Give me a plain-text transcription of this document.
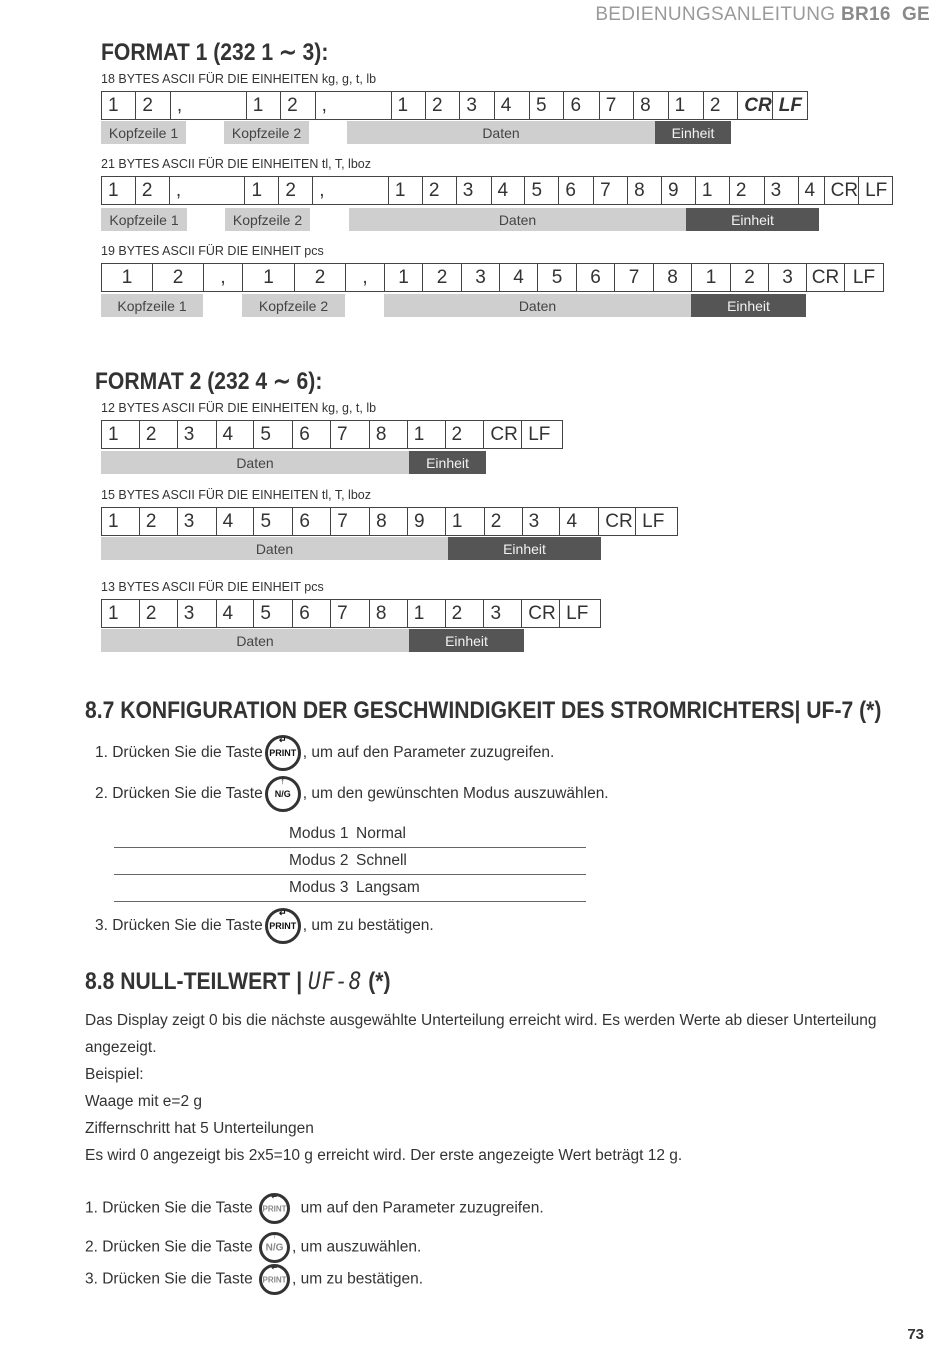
BEDIENUNGSANLEITUNG BR16 GE
FORMAT 1 (232 1 ∼ 3):
18 BYTES ASCII FÜR DIE EINHEITEN kg, g, t, lb
1	2	,	1	2	,	1	2	3	4	5	6	7	8	1	2	CR LF
Kopfzeile 1	Kopfzeile 2	Daten	Einheit
21 BYTES ASCII FÜR DIE EINHEITEN tl, T, lboz
1	2	,	1	2	,	1	2	3	4	5	6	7	8	9	1	2	3	4 CR LF
Kopfzeile 1	Kopfzeile 2	Daten	Einheit
19 BYTES ASCII FÜR DIE EINHEIT pcs
1	2	,	1	2	,	1	2	3	4	5	6	7	8	1	2	3 CR LF
Kopfzeile 1	Kopfzeile 2	Daten	Einheit
FORMAT 2 (232 4 ∼ 6):
12 BYTES ASCII FÜR DIE EINHEITEN kg, g, t, lb
1	2	3	4	5	6	7	8	1	2	CR LF
Daten	Einheit
15 BYTES ASCII FÜR DIE EINHEITEN tl, T, lboz
1	2	3	4	5	6	7	8	9	1	2	3	4	CR LF
Daten	Einheit
13 BYTES ASCII FÜR DIE EINHEIT pcs
1	2	3	4	5	6	7	8	1	2	3	CR LF
Daten	Einheit
8.7 KONFIGURATION DER GESCHWINDIGKEIT DES STROMRICHTERS| UF-7 (*)
1. Drücken Sie die Taste
↵
PRINT , um auf den Parameter zuzugreifen.
2. Drücken Sie die Taste
↑
N/G , um den gewünschten Modus auszuwählen.
Modus 1 Normal
Modus 2 Schnell
Modus 3 Langsam
3. Drücken Sie die Taste
↵
PRINT , um zu bestätigen.
8.8 NULL-TEILWERT | UF-8 (*)
Das Display zeigt 0 bis die nächste ausgewählte Unterteilung erreicht wird. Es werden Werte ab dieser Unterteilung
angezeigt.
Beispiel:
Waage mit e=2 g
Ziffernschritt hat 5 Unterteilungen
Es wird 0 angezeigt bis 2x5=10 g erreicht wird. Der erste angezeigte Wert beträgt 12 g.
1. Drücken Sie die Taste
↵
PRINT um auf den Parameter zuzugreifen.
2. Drücken Sie die Taste
↑
N/G , um auszuwählen.
3. Drücken Sie die Taste
↵
PRINT , um zu bestätigen.
73
